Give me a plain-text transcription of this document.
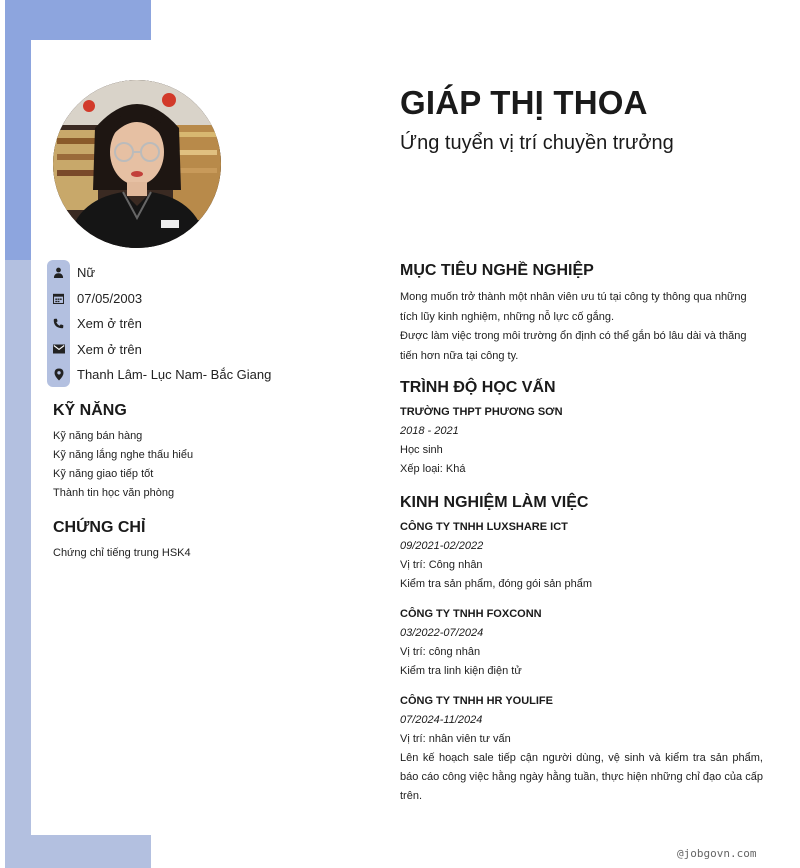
GIÁP THỊ THOA
Ứng tuyển vị trí chuyền trưởng
Nữ
07/05/2003
Xem ở trên
Xem ở trên
Thanh Lâm- Lục Nam- Bắc Giang
KỸ NĂNG
Kỹ năng bán hàng
Kỹ năng lắng nghe thấu hiểu
Kỹ năng giao tiếp tốt
Thành tin học văn phòng
CHỨNG CHỈ
Chứng chỉ tiếng trung HSK4
MỤC TIÊU NGHỀ NGHIỆP

Mong muốn trở thành một nhân viên ưu tú tại công ty thông qua những tích lũy kinh nghiệm, những nỗ lực cố gắng.
Được làm việc trong môi trường ổn định có thể gắn bó lâu dài và thăng tiến hơn nữa tại công ty.

TRÌNH ĐỘ HỌC VẤN
TRƯỜNG THPT PHƯƠNG SƠN
2018 - 2021
Học sinh
Xếp loại: Khá
KINH NGHIỆM LÀM VIỆC
CÔNG TY TNHH LUXSHARE ICT
09/2021-02/2022
Vị trí: Công nhân
Kiểm tra sản phẩm, đóng gói sản phẩm
CÔNG TY TNHH FOXCONN
03/2022-07/2024
Vị trí: công nhân
Kiểm tra linh kiện điện tử
CÔNG TY TNHH HR YOULIFE
07/2024-11/2024
Vị trí: nhân viên tư vấn
Lên kế hoạch sale tiếp cận người dùng, vệ sinh và kiểm tra sản phẩm, báo cáo công việc hằng ngày hằng tuần, thực hiện những chỉ đạo của cấp trên.

@jobgovn.com
